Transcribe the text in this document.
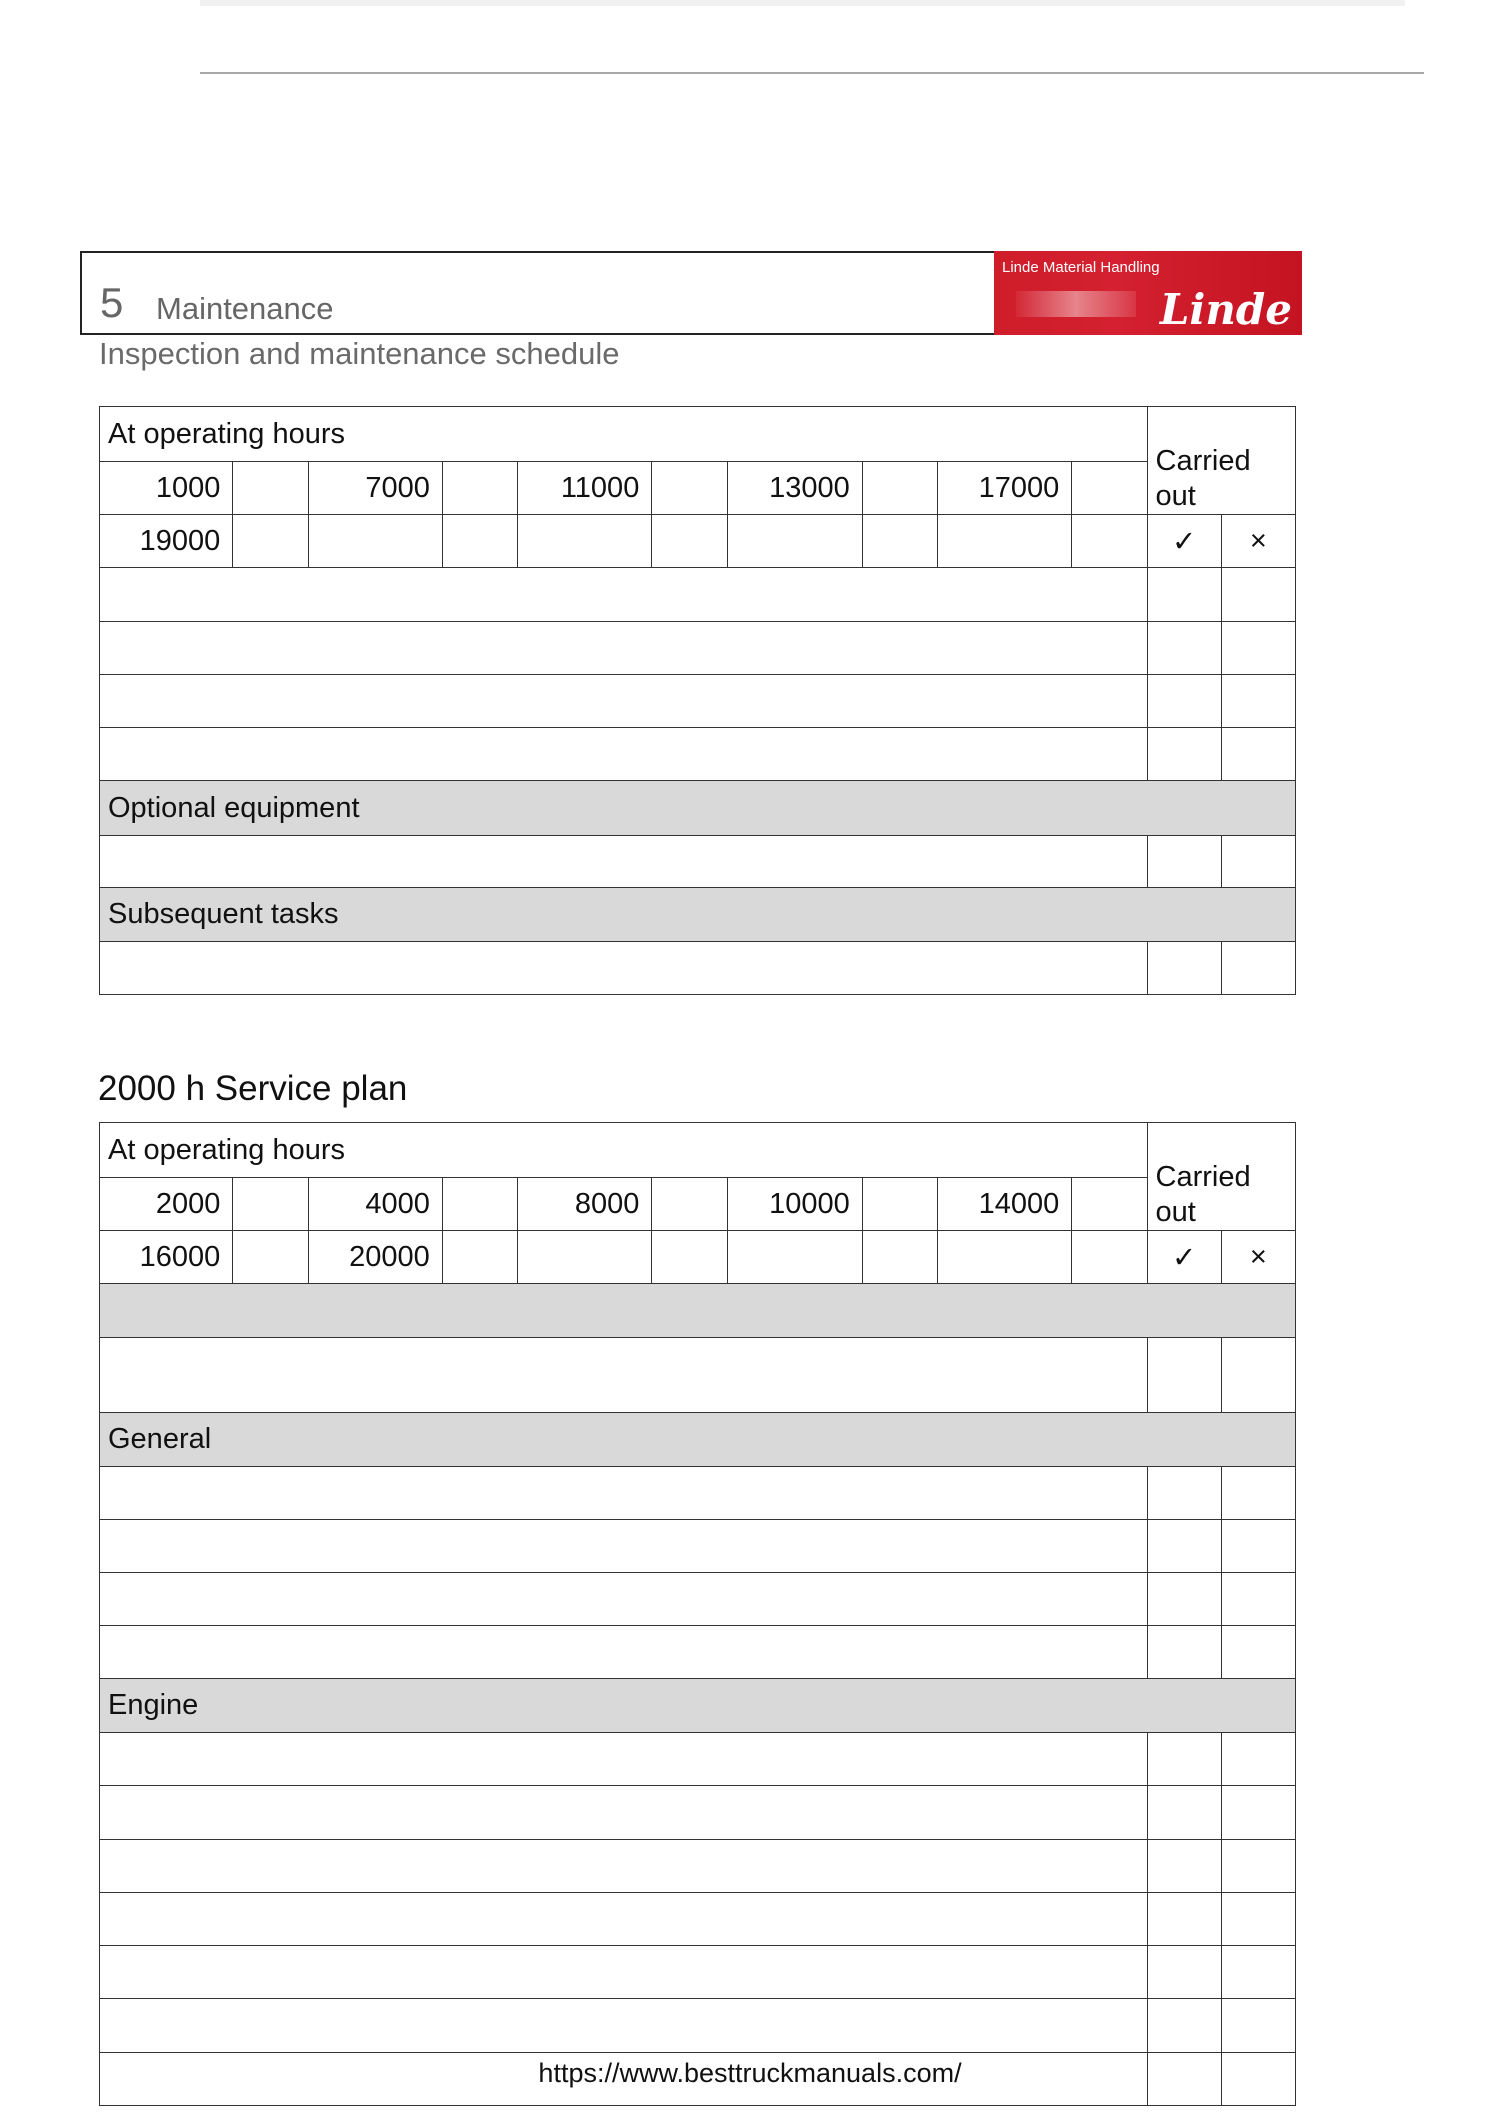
5 Maintenance
Linde Material Handling
Linde
Inspection and maintenance schedule
At operating hours										Carried out	
1000		7000		11000		13000		17000			
19000										✓	×

Optional equipment											

Subsequent tasks											

2000 h Service plan
At operating hours										Carried out	
2000		4000		8000		10000		14000			
16000		20000								✓	×

General											

Engine											

https://www.besttruckmanuals.com/
